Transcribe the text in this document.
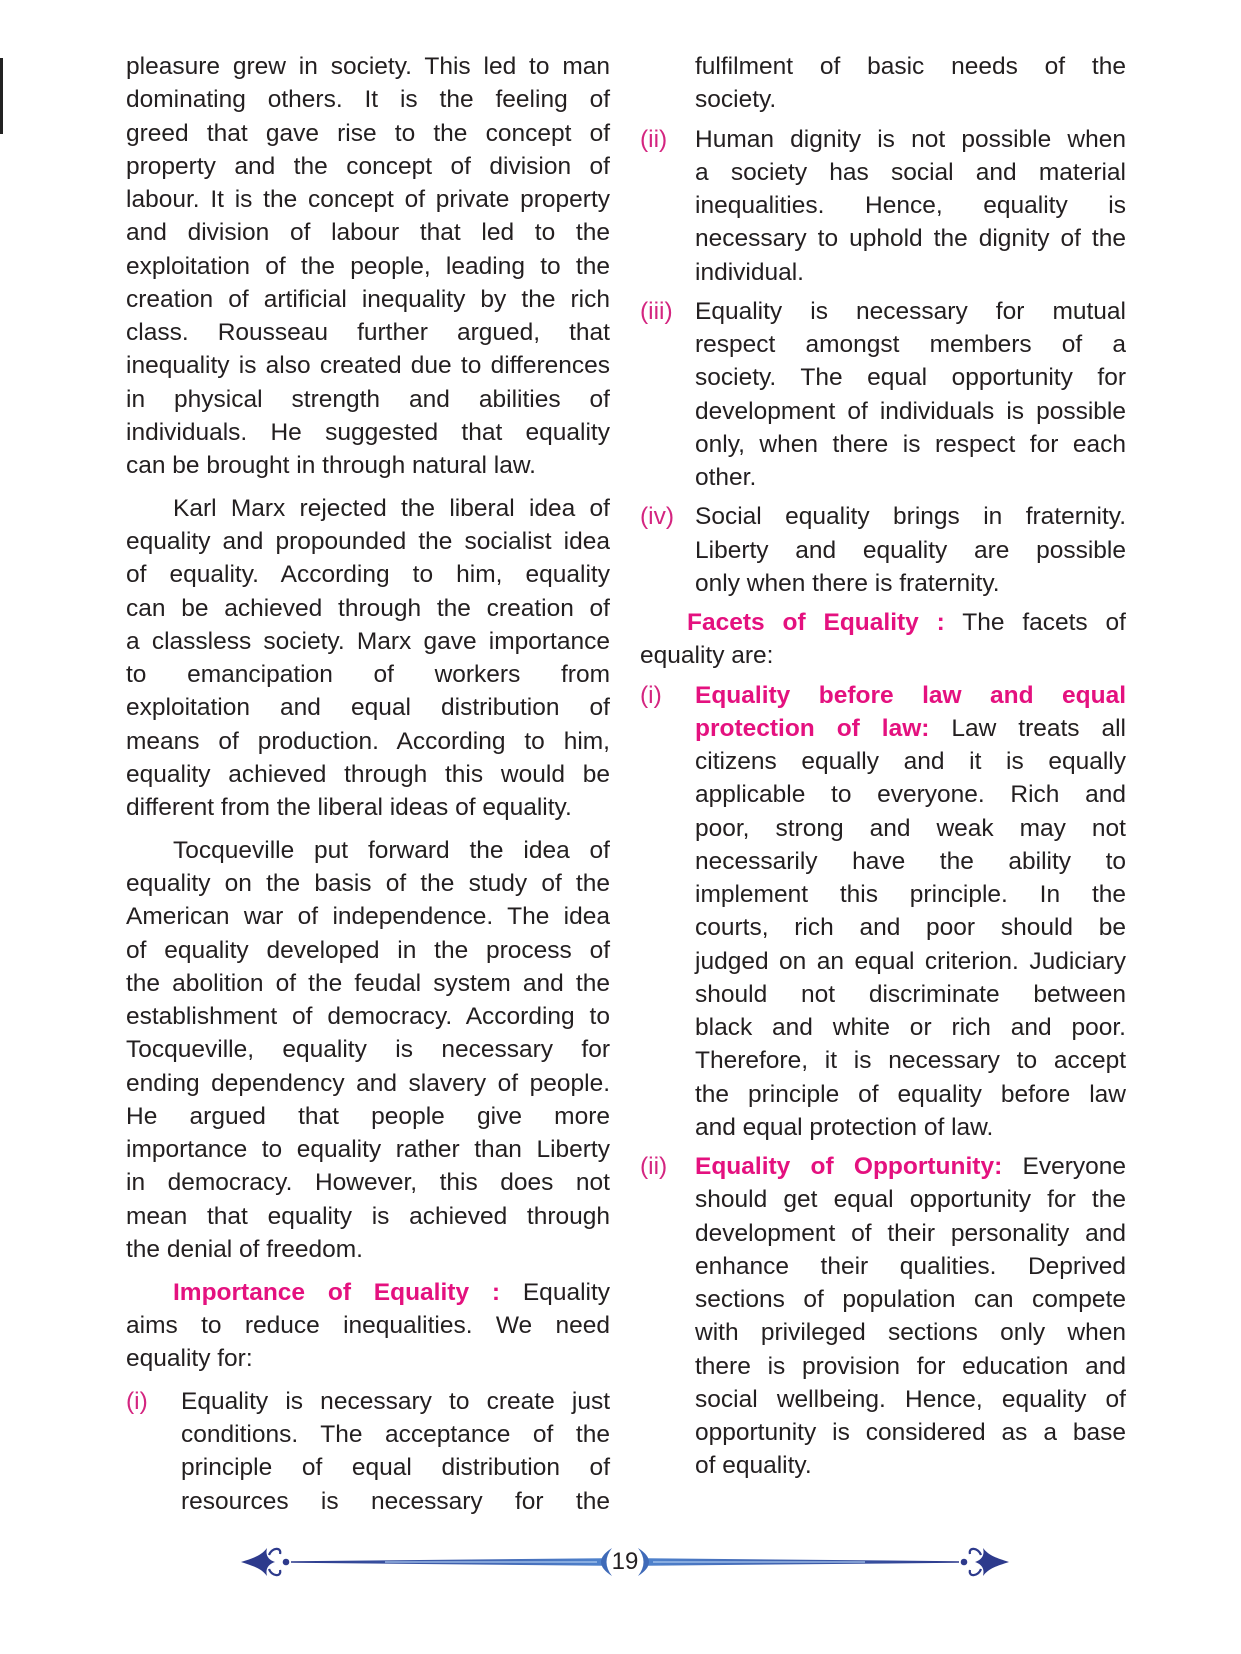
pleasure grew in society. This led to man
dominating others. It is the feeling of
greed that gave rise to the concept of
property and the concept of division of
labour. It is the concept of private property
and division of labour that led to the
exploitation of the people, leading to the
creation of artificial inequality by the rich
class. Rousseau further argued, that
inequality is also created due to differences
in physical strength and abilities of
individuals. He suggested that equality
can be brought in through natural law.
Karl Marx rejected the liberal idea of
equality and propounded the socialist idea
of equality. According to him, equality
can be achieved through the creation of
a classless society. Marx gave importance
to emancipation of workers from
exploitation and equal distribution of
means of production. According to him,
equality achieved through this would be
different from the liberal ideas of equality.
Tocqueville put forward the idea of
equality on the basis of the study of the
American war of independence. The idea
of equality developed in the process of
the abolition of the feudal system and the
establishment of democracy. According to
Tocqueville, equality is necessary for
ending dependency and slavery of people.
He argued that people give more
importance to equality rather than Liberty
in democracy. However, this does not
mean that equality is achieved through
the denial of freedom.
Importance of Equality : Equality
aims to reduce inequalities. We need
equality for:
(i) Equality is necessary to create just
conditions. The acceptance of the
principle of equal distribution of
resources is necessary for the
fulfilment of basic needs of the
society.
(ii) Human dignity is not possible when
a society has social and material
inequalities. Hence, equality is
necessary to uphold the dignity of the
individual.
(iii) Equality is necessary for mutual
respect amongst members of a
society. The equal opportunity for
development of individuals is possible
only, when there is respect for each
other.
(iv) Social equality brings in fraternity.
Liberty and equality are possible
only when there is fraternity.
Facets of Equality : The facets of
equality are:
(i) Equality before law and equal
protection of law: Law treats all
citizens equally and it is equally
applicable to everyone. Rich and
poor, strong and weak may not
necessarily have the ability to
implement this principle. In the
courts, rich and poor should be
judged on an equal criterion. Judiciary
should not discriminate between
black and white or rich and poor.
Therefore, it is necessary to accept
the principle of equality before law
and equal protection of law.
(ii) Equality of Opportunity: Everyone
should get equal opportunity for the
development of their personality and
enhance their qualities. Deprived
sections of population can compete
with privileged sections only when
there is provision for education and
social wellbeing. Hence, equality of
opportunity is considered as a base
of equality.
19
